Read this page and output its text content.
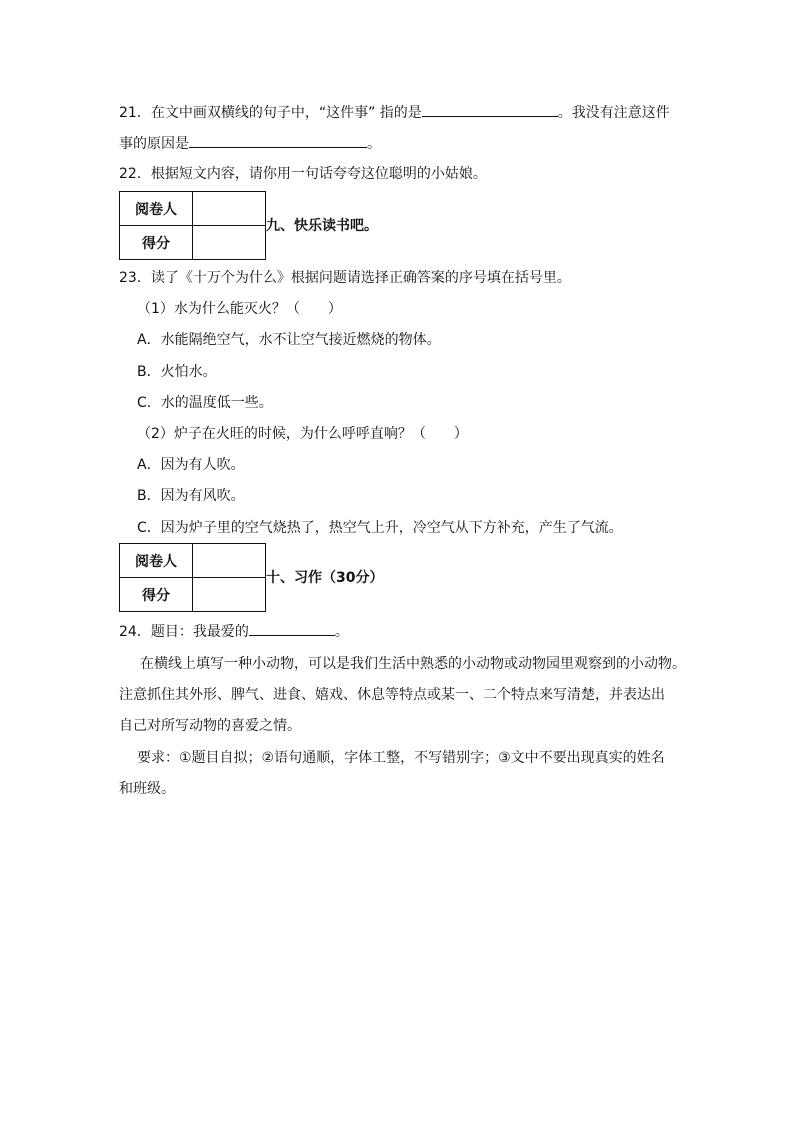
21．在文中画双横线的句子中，“这件事” 指的是	。我没有注意这件
事的原因是	。
22．根据短文内容，请你用一句话夸夸这位聪明的小姑娘。
阅卷人	
得分	
九、快乐读书吧。
23．读了《十万个为什么》根据问题请选择正确答案的序号填在括号里。
（1）水为什么能灭火？（　　）
A．水能隔绝空气，水不让空气接近燃烧的物体。
B．火怕水。
C．水的温度低一些。
（2）炉子在火旺的时候，为什么呼呼直响？（　　）
A．因为有人吹。
B．因为有风吹。
C．因为炉子里的空气烧热了，热空气上升，冷空气从下方补充，产生了气流。
阅卷人	
得分	
十、习作（30分）
24．题目：我最爱的	。
在横线上填写一种小动物，可以是我们生活中熟悉的小动物或动物园里观察到的小动物。
注意抓住其外形、脾气、进食、嬉戏、休息等特点或某一、二个特点来写清楚，并表达出
自己对所写动物的喜爱之情。
要求：①题目自拟；②语句通顺，字体工整，不写错别字；③文中不要出现真实的姓名
和班级。
